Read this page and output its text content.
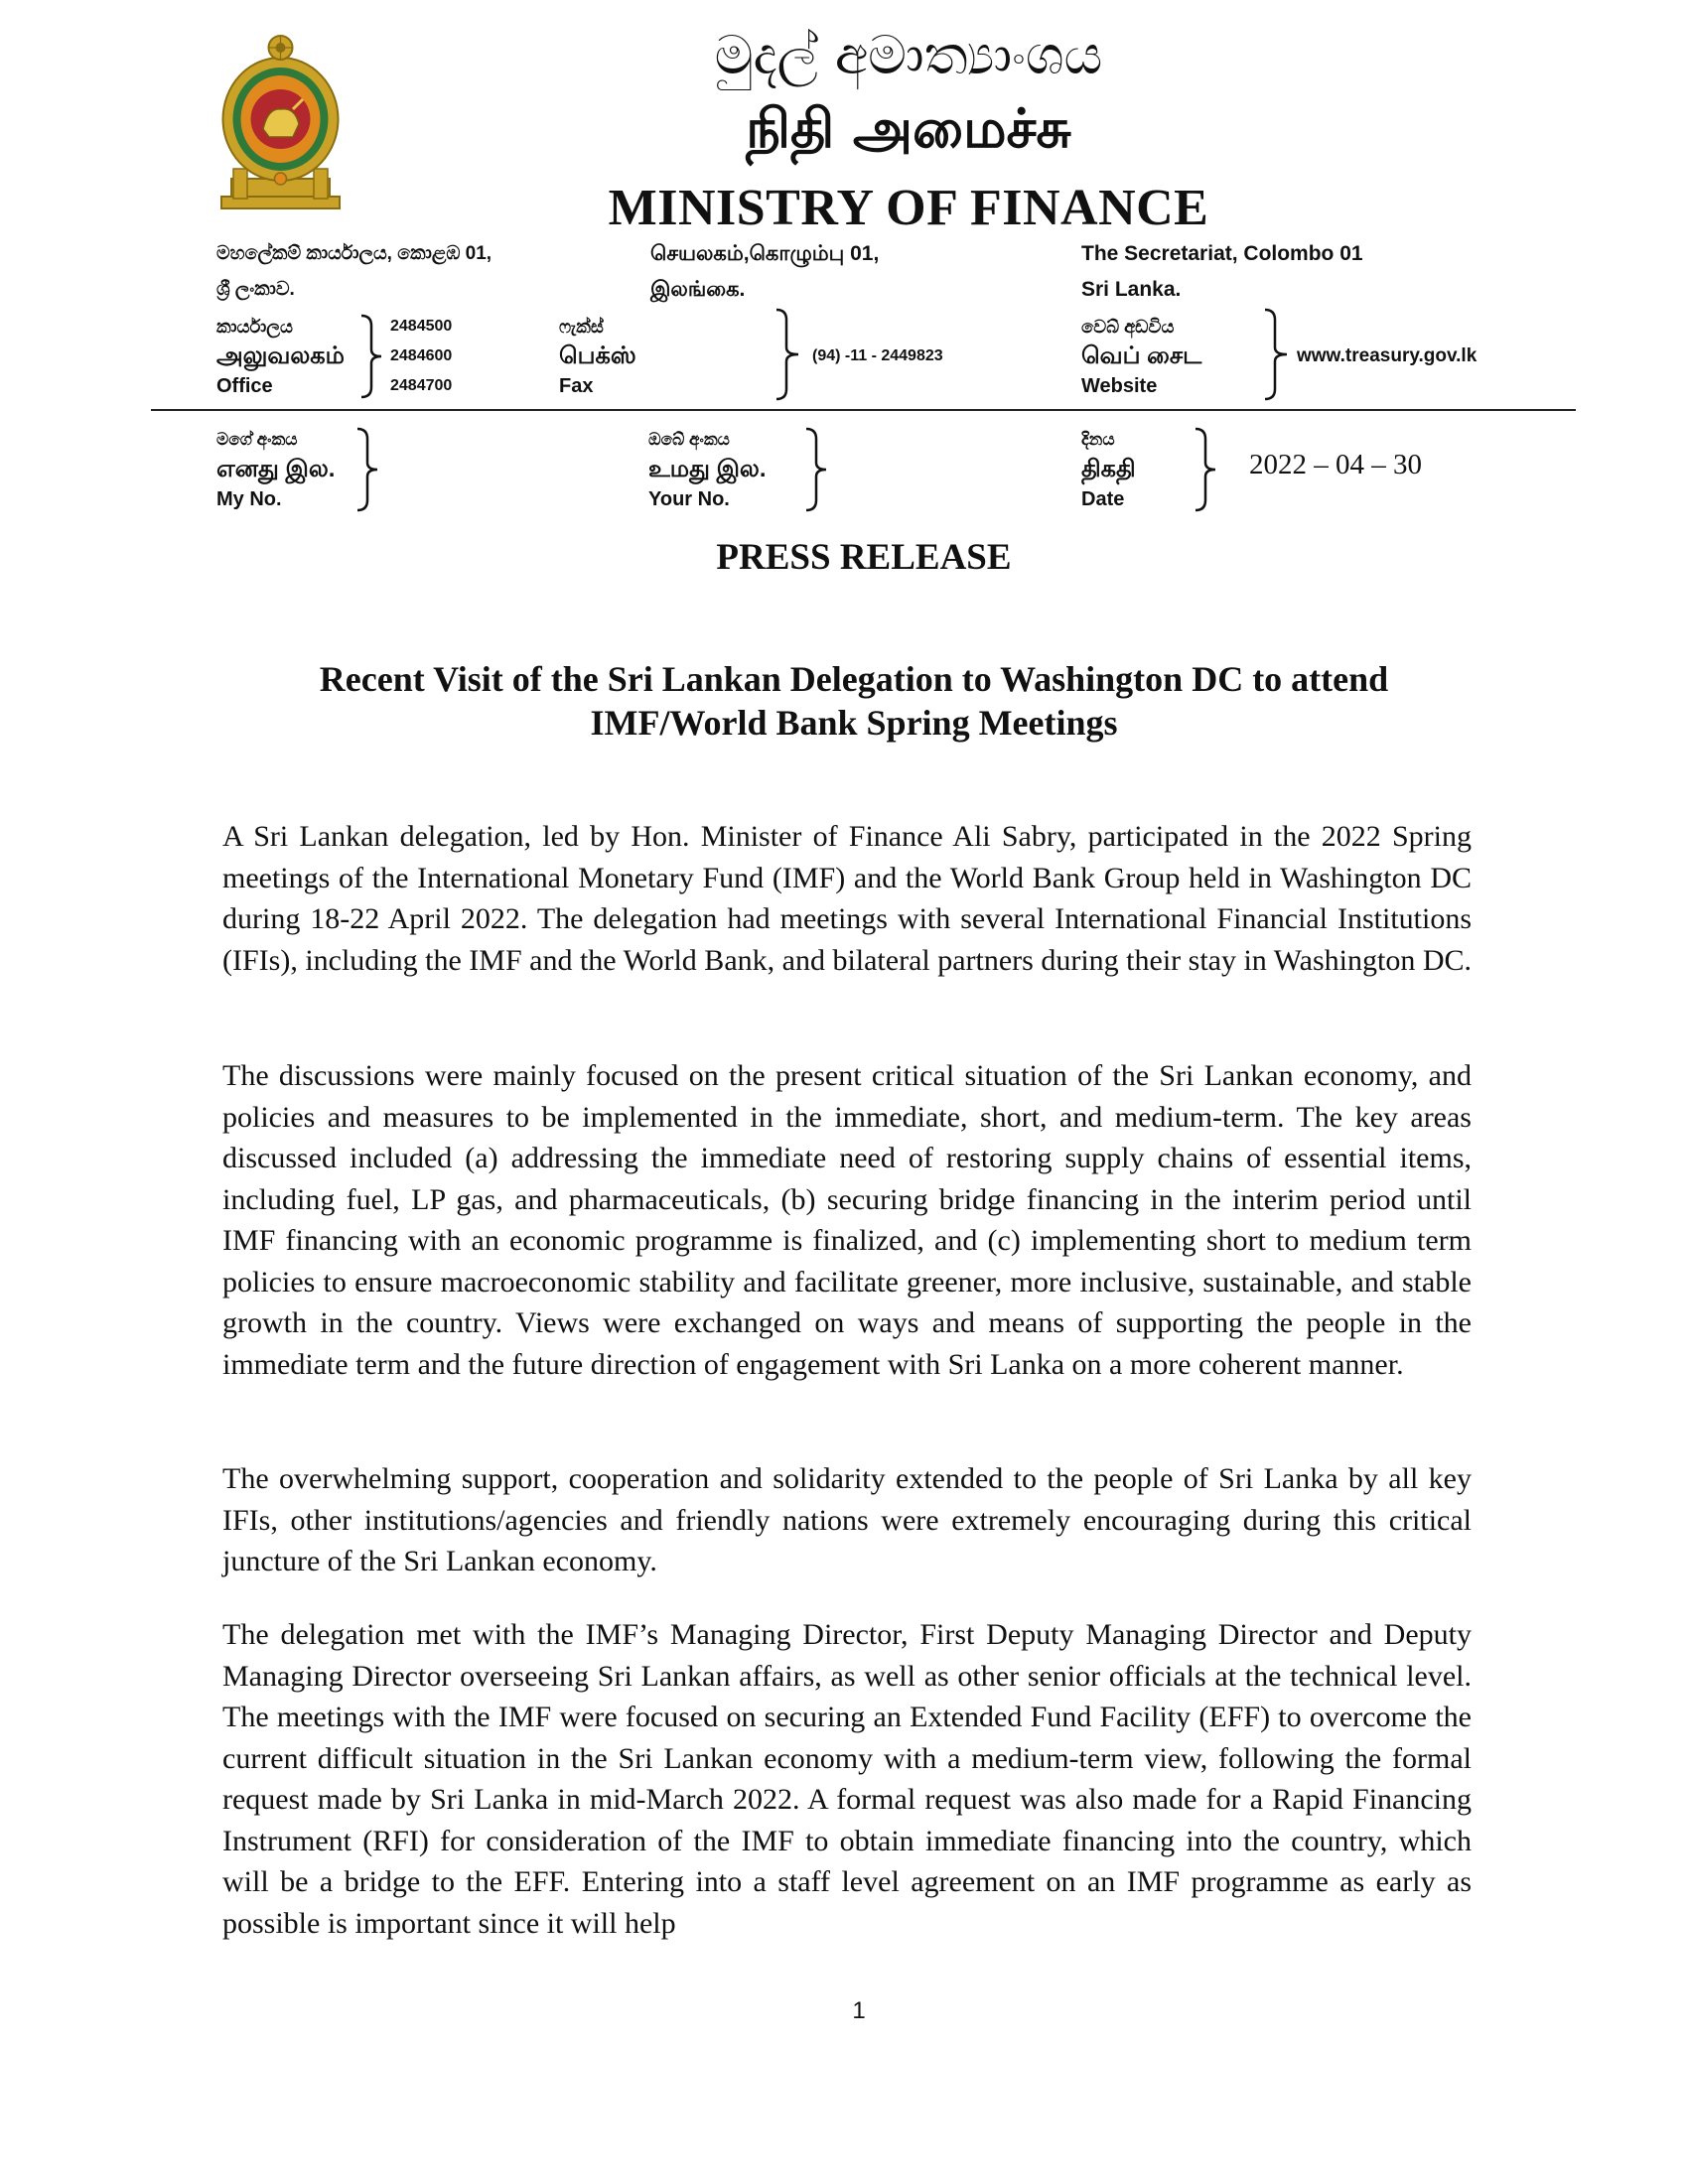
මුදල් අමාත්‍යාංශය
நிதி அமைச்சு
MINISTRY OF FINANCE
මහලේකම් කාර්යාලය, කොළඹ 01,
ශ්‍රී ලංකාව.
செயலகம்,கொழும்பு 01,
இலங்கை.
The Secretariat, Colombo 01
Sri Lanka.
කාර්යාලය
அலுவலகம்
Office
2484500
2484600
2484700
ෆැක්ස්
பெக்ஸ்
Fax
(94) -11 - 2449823
වෙබ් අඩවිය
வெப் சைட
Website
www.treasury.gov.lk
මගේ අංකය
எனது இல.
My No.
ඔබේ අංකය
உமது இல.
Your No.
දිනය
திகதி
Date
2022 – 04 – 30
PRESS RELEASE
Recent Visit of the Sri Lankan Delegation to Washington DC to attend
IMF/World Bank Spring Meetings

A Sri Lankan delegation, led by Hon. Minister of Finance Ali Sabry, participated in the 2022 Spring meetings of the International Monetary Fund (IMF) and the World Bank Group held in Washington DC during 18-22 April 2022. The delegation had meetings with several International Financial Institutions (IFIs), including the IMF and the World Bank, and bilateral partners during their stay in Washington DC.

The discussions were mainly focused on the present critical situation of the Sri Lankan economy, and policies and measures to be implemented in the immediate, short, and medium-term. The key areas discussed included (a) addressing the immediate need of restoring supply chains of essential items, including fuel, LP gas, and pharmaceuticals, (b) securing bridge financing in the interim period until IMF financing with an economic programme is finalized, and (c) implementing short to medium term policies to ensure macroeconomic stability and facilitate greener, more inclusive, sustainable, and stable growth in the country. Views were exchanged on ways and means of supporting the people in the immediate term and the future direction of engagement with Sri Lanka on a more coherent manner.

The overwhelming support, cooperation and solidarity extended to the people of Sri Lanka by all key IFIs, other institutions/agencies and friendly nations were extremely encouraging during this critical juncture of the Sri Lankan economy.

The delegation met with the IMF’s Managing Director, First Deputy Managing Director and Deputy Managing Director overseeing Sri Lankan affairs, as well as other senior officials at the technical level. The meetings with the IMF were focused on securing an Extended Fund Facility (EFF) to overcome the current difficult situation in the Sri Lankan economy with a medium-term view, following the formal request made by Sri Lanka in mid-March 2022. A formal request was also made for a Rapid Financing Instrument (RFI) for consideration of the IMF to obtain immediate financing into the country, which will be a bridge to the EFF. Entering into a staff level agreement on an IMF programme as early as possible is important since it will help

1
